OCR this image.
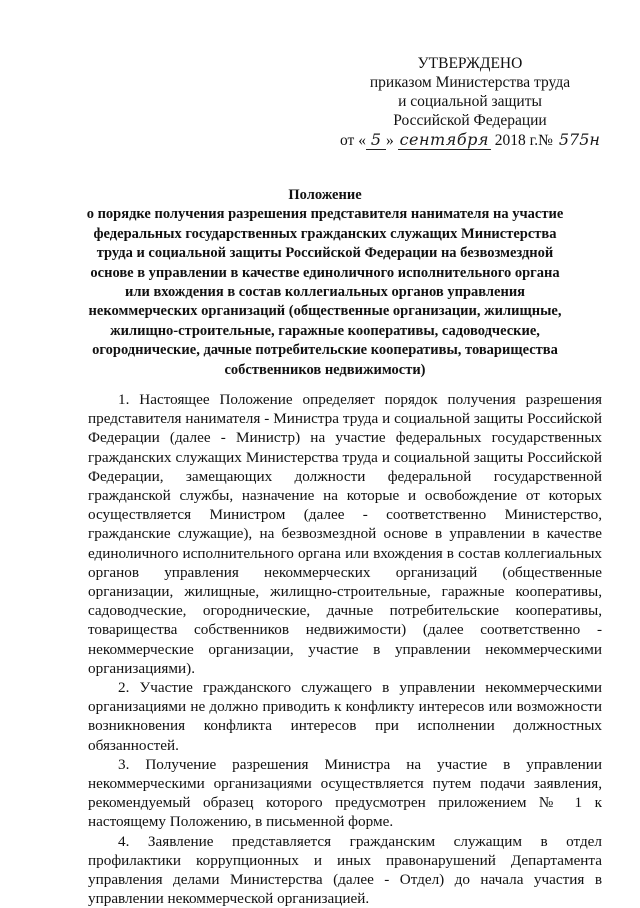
УТВЕРЖДЕНО
приказом Министерства труда
и социальной защиты
Российской Федерации
от « 5 » сентября 2018 г.№ 575н
Положение
о порядке получения разрешения представителя нанимателя на участие
федеральных государственных гражданских служащих Министерства
труда и социальной защиты Российской Федерации на безвозмездной
основе в управлении в качестве единоличного исполнительного органа
или вхождения в состав коллегиальных органов управления
некоммерческих организаций (общественные организации, жилищные,
жилищно-строительные, гаражные кооперативы, садоводческие,
огороднические, дачные потребительские кооперативы, товарищества
собственников недвижимости)

1. Настоящее Положение определяет порядок получения разрешения представителя нанимателя - Министра труда и социальной защиты Российской Федерации (далее - Министр) на участие федеральных государственных гражданских служащих Министерства труда и социальной защиты Российской Федерации, замещающих должности федеральной государственной гражданской службы, назначение на которые и освобождение от которых осуществляется Министром (далее - соответственно Министерство, гражданские служащие), на безвозмездной основе в управлении в качестве единоличного исполнительного органа или вхождения в состав коллегиальных органов управления некоммерческих организаций (общественные организации, жилищные, жилищно-строительные, гаражные кооперативы, садоводческие, огороднические, дачные потребительские кооперативы, товарищества собственников недвижимости) (далее соответственно - некоммерческие организации, участие в управлении некоммерческими организациями).

2. Участие гражданского служащего в управлении некоммерческими организациями не должно приводить к конфликту интересов или возможности возникновения конфликта интересов при исполнении должностных обязанностей.

3. Получение разрешения Министра на участие в управлении некоммерческими организациями осуществляется путем подачи заявления, рекомендуемый образец которого предусмотрен приложением № 1 к настоящему Положению, в письменной форме.

4. Заявление представляется гражданским служащим в отдел профилактики коррупционных и иных правонарушений Департамента управления делами Министерства (далее - Отдел) до начала участия в управлении некоммерческой организацией.
